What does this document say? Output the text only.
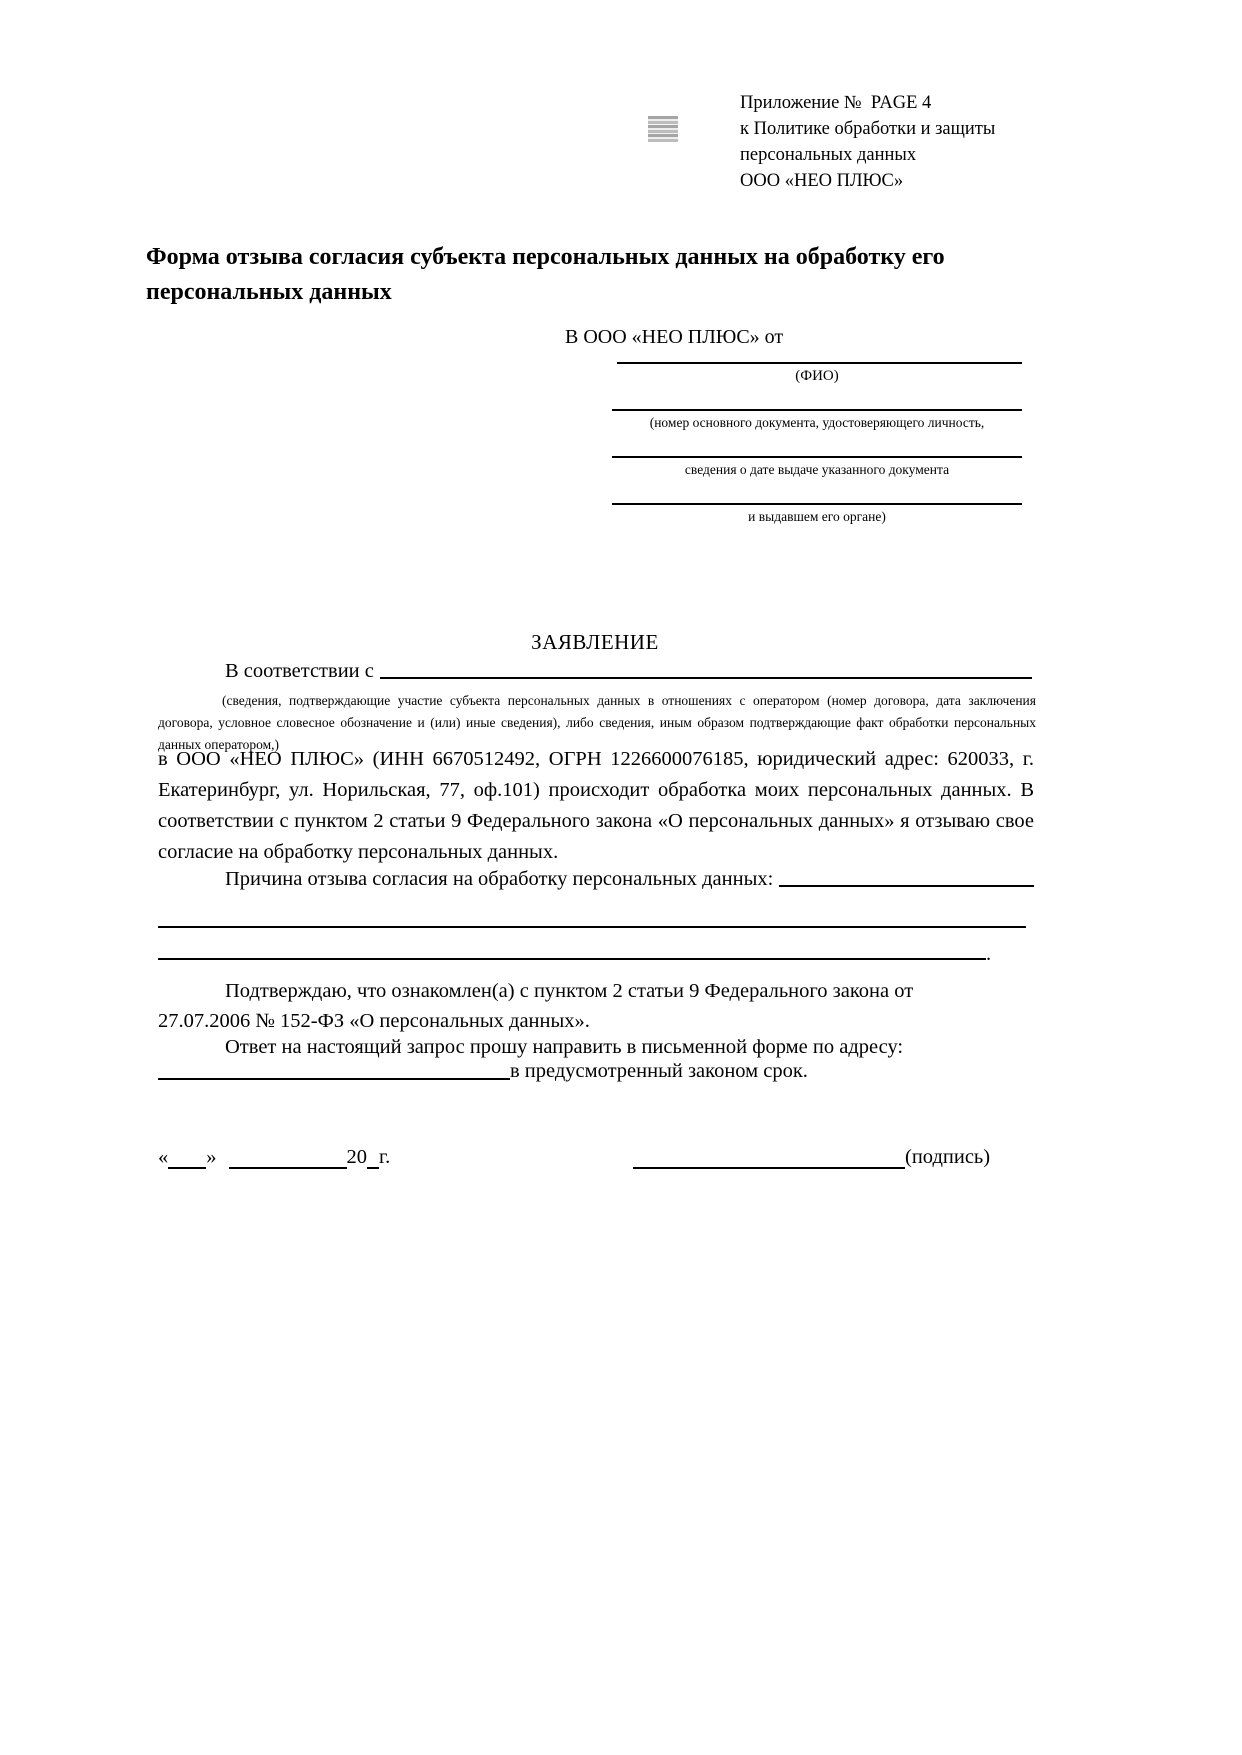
Приложение №  PAGE 4
к Политике обработки и защиты
персональных данных
ООО «НЕО ПЛЮС»
Форма отзыва согласия субъекта персональных данных на обработку его персональных данных
В ООО «НЕО ПЛЮС» от
(ФИО)
(номер основного документа, удостоверяющего личность,
сведения о дате выдаче указанного документа
и выдавшем его органе)
ЗАЯВЛЕНИЕ
В соответствии с
(сведения, подтверждающие участие субъекта персональных данных в отношениях с оператором (номер договора, дата заключения договора, условное словесное обозначение и (или) иные сведения), либо сведения, иным образом подтверждающие факт обработки персональных данных оператором,)
в ООО «НЕО ПЛЮС» (ИНН 6670512492, ОГРН 1226600076185, юридический адрес: 620033, г. Екатеринбург, ул. Норильская, 77, оф.101) происходит обработка моих персональных данных. В соответствии с пунктом 2 статьи 9 Федерального закона «О персональных данных» я отзываю свое согласие на обработку персональных данных.
Причина отзыва согласия на обработку персональных данных:
.
Подтверждаю, что ознакомлен(а) с пунктом 2 статьи 9 Федерального закона от
27.07.2006 № 152-ФЗ «О персональных данных».
Ответ на настоящий запрос прошу направить в письменной форме по адресу:
в предусмотренный законом срок.
« »	20 г.	(подпись)
